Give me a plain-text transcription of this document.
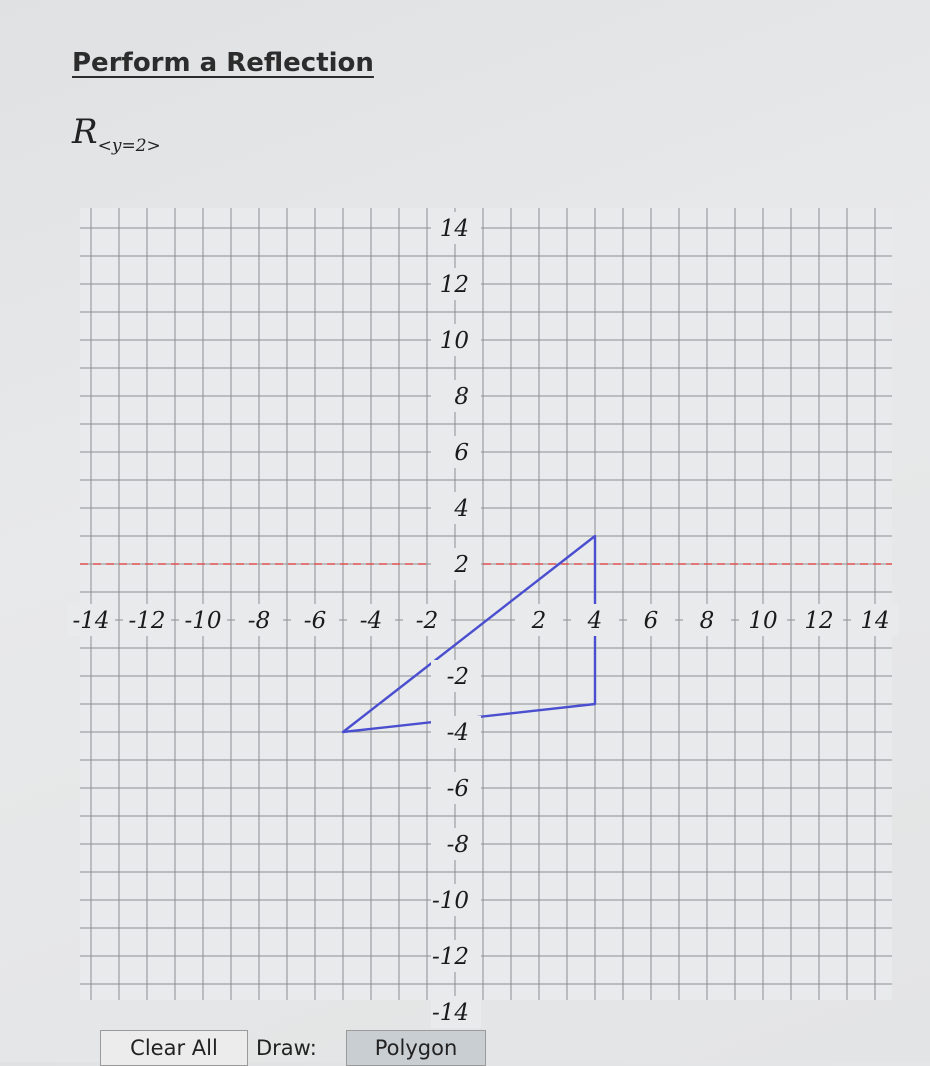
Perform a Reflection
R<y=2>
-14 -12 -10 -8 -6 -4 -2	2 4 6 8 10 12 14
14
12
10
8
6
4
2
-2
-4
-6
-8
-10
-12
-14
Clear All	Draw:	Polygon
